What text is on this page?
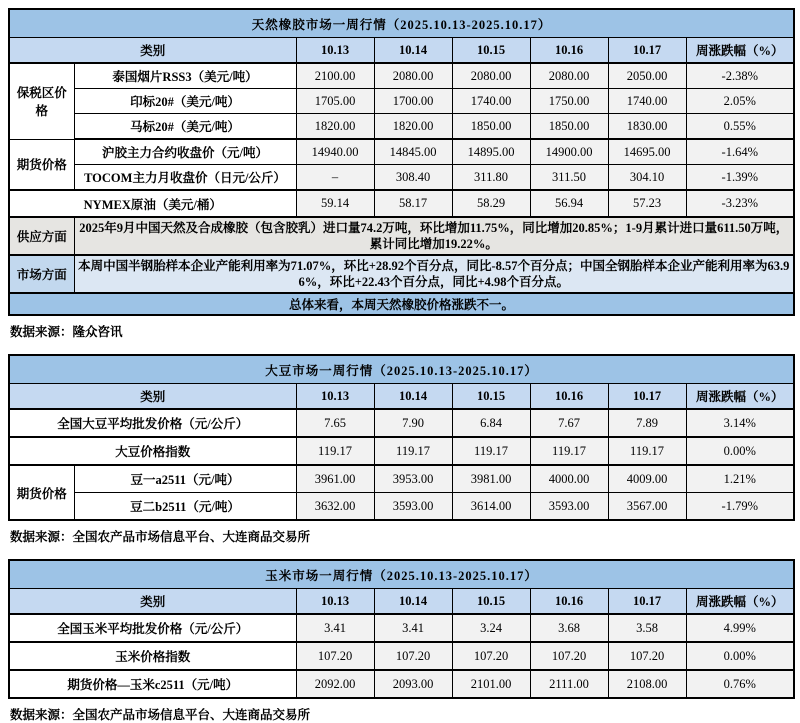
天然橡胶市场一周行情（2025.10.13-2025.10.17）							
类别		10.13	10.14	10.15	10.16	10.17	周涨跌幅（%）
保税区价格	泰国烟片RSS3（美元/吨）	2100.00	2080.00	2080.00	2080.00	2050.00	-2.38%
	印标20#（美元/吨）	1705.00	1700.00	1740.00	1750.00	1740.00	2.05%
	马标20#（美元/吨）	1820.00	1820.00	1850.00	1850.00	1830.00	0.55%
期货价格	沪胶主力合约收盘价（元/吨）	14940.00	14845.00	14895.00	14900.00	14695.00	-1.64%
	TOCOM主力月收盘价（日元/公斤）	–	308.40	311.80	311.50	304.10	-1.39%
NYMEX原油（美元/桶）		59.14	58.17	58.29	56.94	57.23	-3.23%
供应方面	2025年9月中国天然及合成橡胶（包含胶乳）进口量74.2万吨，环比增加11.75%，同比增加20.85%；1-9月累计进口量611.50万吨，累计同比增加19.22%。						
市场方面	本周中国半钢胎样本企业产能利用率为71.07%，环比+28.92个百分点，同比-8.57个百分点；中国全钢胎样本企业产能利用率为63.96%，环比+22.43个百分点，同比+4.98个百分点。						
总体来看，本周天然橡胶价格涨跌不一。							
数据来源：隆众咨讯
大豆市场一周行情（2025.10.13-2025.10.17）							
类别		10.13	10.14	10.15	10.16	10.17	周涨跌幅（%）
全国大豆平均批发价格（元/公斤）		7.65	7.90	6.84	7.67	7.89	3.14%
大豆价格指数		119.17	119.17	119.17	119.17	119.17	0.00%
期货价格	豆一a2511（元/吨）	3961.00	3953.00	3981.00	4000.00	4009.00	1.21%
	豆二b2511（元/吨）	3632.00	3593.00	3614.00	3593.00	3567.00	-1.79%
数据来源：全国农产品市场信息平台、大连商品交易所
玉米市场一周行情（2025.10.13-2025.10.17）						
类别	10.13	10.14	10.15	10.16	10.17	周涨跌幅（%）
全国玉米平均批发价格（元/公斤）	3.41	3.41	3.24	3.68	3.58	4.99%
玉米价格指数	107.20	107.20	107.20	107.20	107.20	0.00%
期货价格—玉米c2511（元/吨）	2092.00	2093.00	2101.00	2111.00	2108.00	0.76%
数据来源：全国农产品市场信息平台、大连商品交易所
